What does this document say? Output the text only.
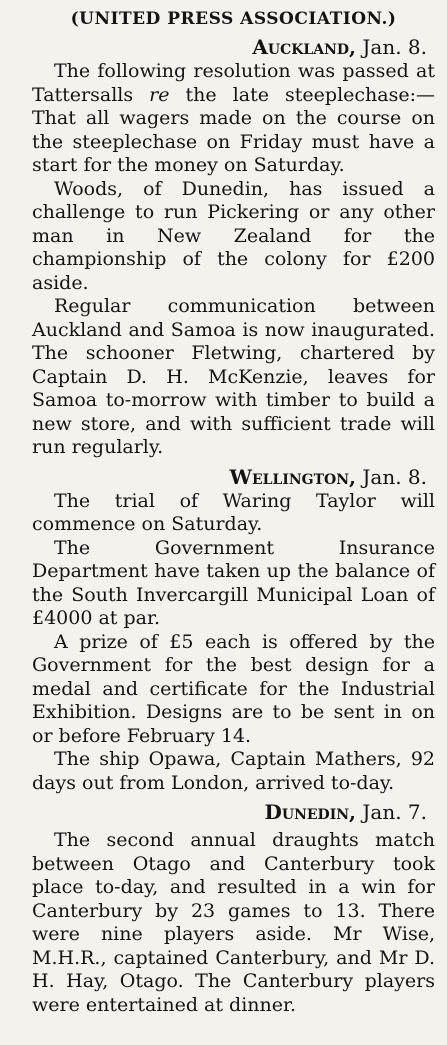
(UNITED PRESS ASSOCIATION.)
Auckland, Jan. 8.

The following resolution was passed at Tattersalls re the late steeplechase:—That all wagers made on the course on the steeplechase on Friday must have a start for the money on Saturday.

Woods, of Dunedin, has issued a challenge to run Pickering or any other man in New Zealand for the championship of the colony for £200 aside.

Regular communication between Auckland and Samoa is now inaugurated. The schooner Fletwing, chartered by Captain D. H. McKenzie, leaves for Samoa to-morrow with timber to build a new store, and with sufficient trade will run regularly.

Wellington, Jan. 8.

The trial of Waring Taylor will commence on Saturday.

The Government Insurance Department have taken up the balance of the South Invercargill Municipal Loan of £4000 at par.

A prize of £5 each is offered by the Government for the best design for a medal and certificate for the Industrial Exhibition. Designs are to be sent in on or before February 14.

The ship Opawa, Captain Mathers, 92 days out from London, arrived to-day.

Dunedin, Jan. 7.

The second annual draughts match between Otago and Canterbury took place to-day, and resulted in a win for Canterbury by 23 games to 13. There were nine players aside. Mr Wise, M.H.R., captained Canterbury, and Mr D. H. Hay, Otago. The Canterbury players were entertained at dinner.
